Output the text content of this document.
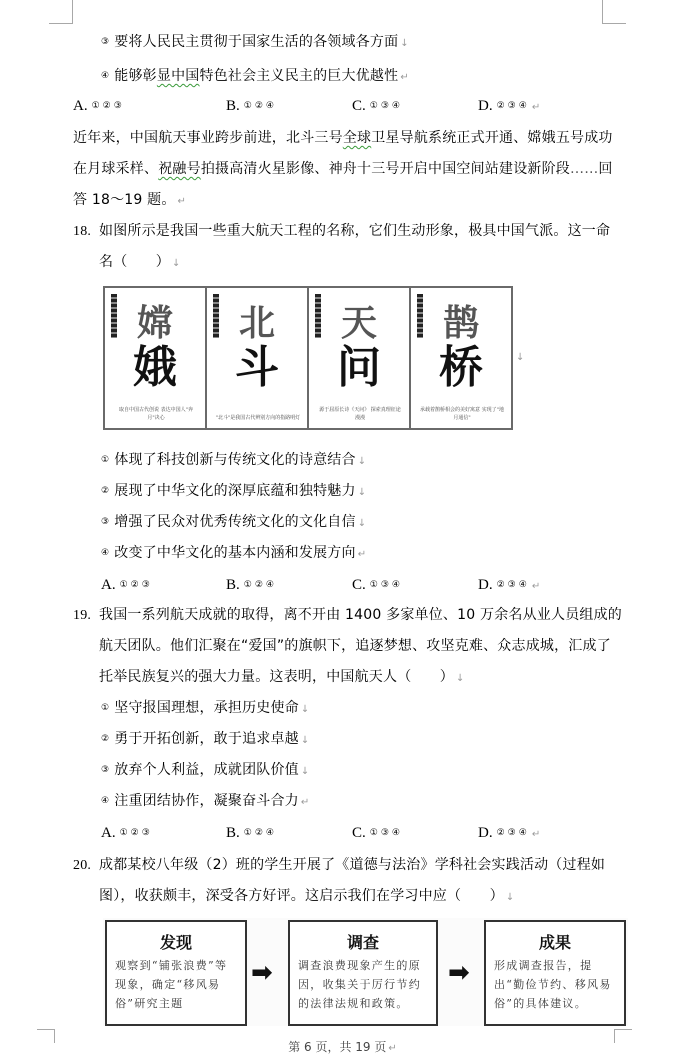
③ 要将人民民主贯彻于国家生活的各领域各方面 ↓
④ 能够彰显中国特色社会主义民主的巨大优越性 ↵
A. ①②③	B. ①②④	C. ①③④	D. ②③④ ↵
近年来，中国航天事业跨步前进，北斗三号全球卫星导航系统正式开通、嫦娥五号成功
在月球采样、祝融号拍摄高清火星影像、神舟十三号开启中国空间站建设新阶段……回
答 18～19 题。 ↵
18. 如图所示是我国一些重大航天工程的名称，它们生动形象，极具中国气派。这一命
名（　　） ↓
嫦
娥
取自中国古代创说 表达中国人"奔月"决心
北
斗
"北斗"是我国古代辨别方向的指路明灯
天
问
源于屈原长诗《天问》 探索真理征途漫漫
鹊
桥
承载着鹊桥相会的美好寓意 实现了"地月通信"
↓
① 体现了科技创新与传统文化的诗意结合 ↓
② 展现了中华文化的深厚底蕴和独特魅力 ↓
③ 增强了民众对优秀传统文化的文化自信 ↓
④ 改变了中华文化的基本内涵和发展方向 ↵
A. ①②③	B. ①②④	C. ①③④	D. ②③④ ↵
19. 我国一系列航天成就的取得，离不开由 1400 多家单位、10 万余名从业人员组成的
航天团队。他们汇聚在“爱国”的旗帜下，追逐梦想、攻坚克难、众志成城，汇成了
托举民族复兴的强大力量。这表明，中国航天人（　　） ↓
① 坚守报国理想，承担历史使命 ↓
② 勇于开拓创新，敢于追求卓越 ↓
③ 放弃个人利益，成就团队价值 ↓
④ 注重团结协作，凝聚奋斗合力 ↵
A. ①②③	B. ①②④	C. ①③④	D. ②③④ ↵
20. 成都某校八年级（2）班的学生开展了《道德与法治》学科社会实践活动（过程如
图），收获颇丰，深受各方好评。这启示我们在学习中应（　　） ↓
发现
观察到“铺张浪费”等现象，确定“移风易俗”研究主题
➡
调查
调查浪费现象产生的原因，收集关于厉行节约的法律法规和政策。
➡
成果
形成调查报告，提出“勤俭节约、移风易俗”的具体建议。
第 6 页，共 19 页 ↵
